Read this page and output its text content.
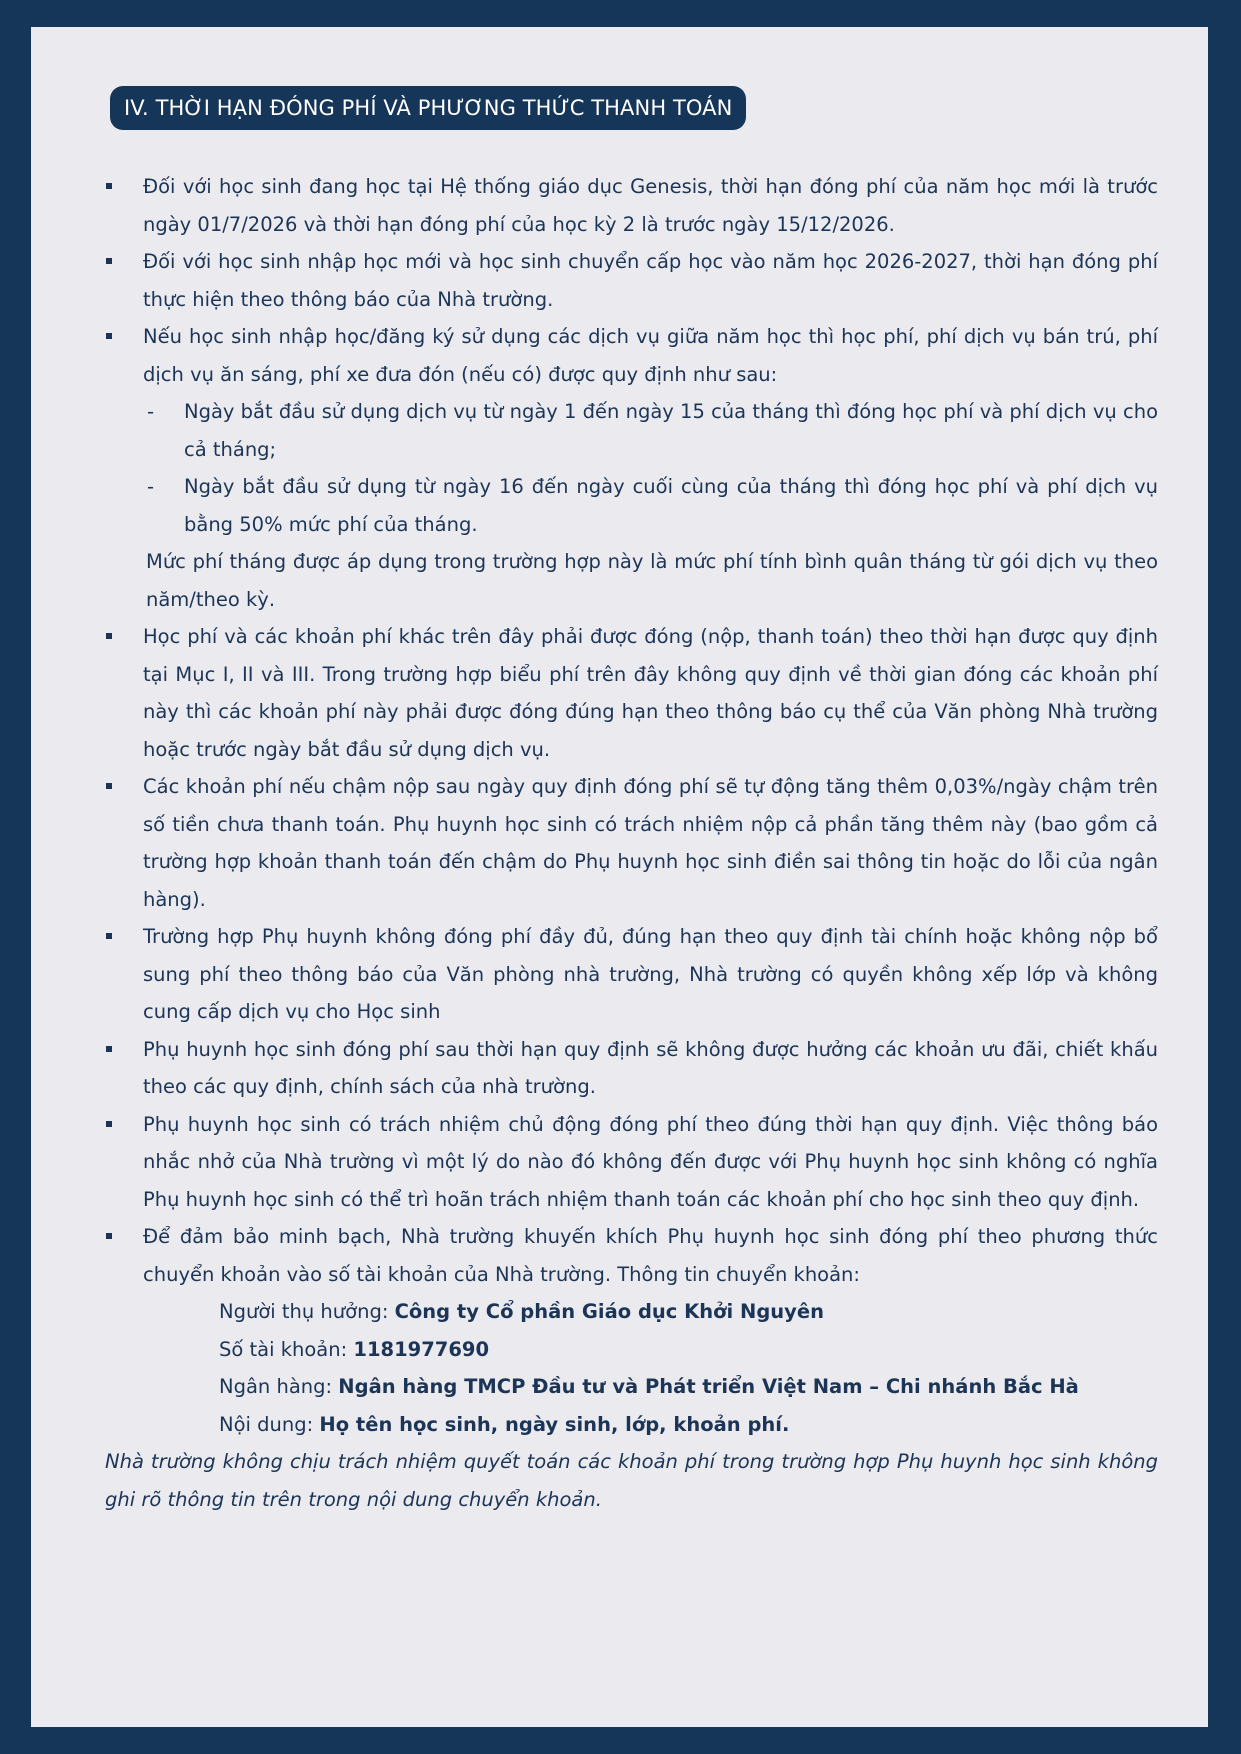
IV. THỜI HẠN ĐÓNG PHÍ VÀ PHƯƠNG THỨC THANH TOÁN
Đối với học sinh đang học tại Hệ thống giáo dục Genesis, thời hạn đóng phí của năm học mới là trước ngày 01/7/2026 và thời hạn đóng phí của học kỳ 2 là trước ngày 15/12/2026.
Đối với học sinh nhập học mới và học sinh chuyển cấp học vào năm học 2026-2027, thời hạn đóng phí thực hiện theo thông báo của Nhà trường.
Nếu học sinh nhập học/đăng ký sử dụng các dịch vụ giữa năm học thì học phí, phí dịch vụ bán trú, phí dịch vụ ăn sáng, phí xe đưa đón (nếu có) được quy định như sau:
- Ngày bắt đầu sử dụng dịch vụ từ ngày 1 đến ngày 15 của tháng thì đóng học phí và phí dịch vụ cho cả tháng;
- Ngày bắt đầu sử dụng từ ngày 16 đến ngày cuối cùng của tháng thì đóng học phí và phí dịch vụ bằng 50% mức phí của tháng.
Mức phí tháng được áp dụng trong trường hợp này là mức phí tính bình quân tháng từ gói dịch vụ theo năm/theo kỳ.
Học phí và các khoản phí khác trên đây phải được đóng (nộp, thanh toán) theo thời hạn được quy định tại Mục I, II và III. Trong trường hợp biểu phí trên đây không quy định về thời gian đóng các khoản phí này thì các khoản phí này phải được đóng đúng hạn theo thông báo cụ thể của Văn phòng Nhà trường hoặc trước ngày bắt đầu sử dụng dịch vụ.
Các khoản phí nếu chậm nộp sau ngày quy định đóng phí sẽ tự động tăng thêm 0,03%/ngày chậm trên số tiền chưa thanh toán. Phụ huynh học sinh có trách nhiệm nộp cả phần tăng thêm này (bao gồm cả trường hợp khoản thanh toán đến chậm do Phụ huynh học sinh điền sai thông tin hoặc do lỗi của ngân hàng).
Trường hợp Phụ huynh không đóng phí đầy đủ, đúng hạn theo quy định tài chính hoặc không nộp bổ sung phí theo thông báo của Văn phòng nhà trường, Nhà trường có quyền không xếp lớp và không cung cấp dịch vụ cho Học sinh
Phụ huynh học sinh đóng phí sau thời hạn quy định sẽ không được hưởng các khoản ưu đãi, chiết khấu theo các quy định, chính sách của nhà trường.
Phụ huynh học sinh có trách nhiệm chủ động đóng phí theo đúng thời hạn quy định. Việc thông báo nhắc nhở của Nhà trường vì một lý do nào đó không đến được với Phụ huynh học sinh không có nghĩa Phụ huynh học sinh có thể trì hoãn trách nhiệm thanh toán các khoản phí cho học sinh theo quy định.
Để đảm bảo minh bạch, Nhà trường khuyến khích Phụ huynh học sinh đóng phí theo phương thức chuyển khoản vào số tài khoản của Nhà trường. Thông tin chuyển khoản:
Người thụ hưởng: Công ty Cổ phần Giáo dục Khởi Nguyên
Số tài khoản: 1181977690
Ngân hàng: Ngân hàng TMCP Đầu tư và Phát triển Việt Nam – Chi nhánh Bắc Hà
Nội dung: Họ tên học sinh, ngày sinh, lớp, khoản phí.
Nhà trường không chịu trách nhiệm quyết toán các khoản phí trong trường hợp Phụ huynh học sinh không ghi rõ thông tin trên trong nội dung chuyển khoản.
